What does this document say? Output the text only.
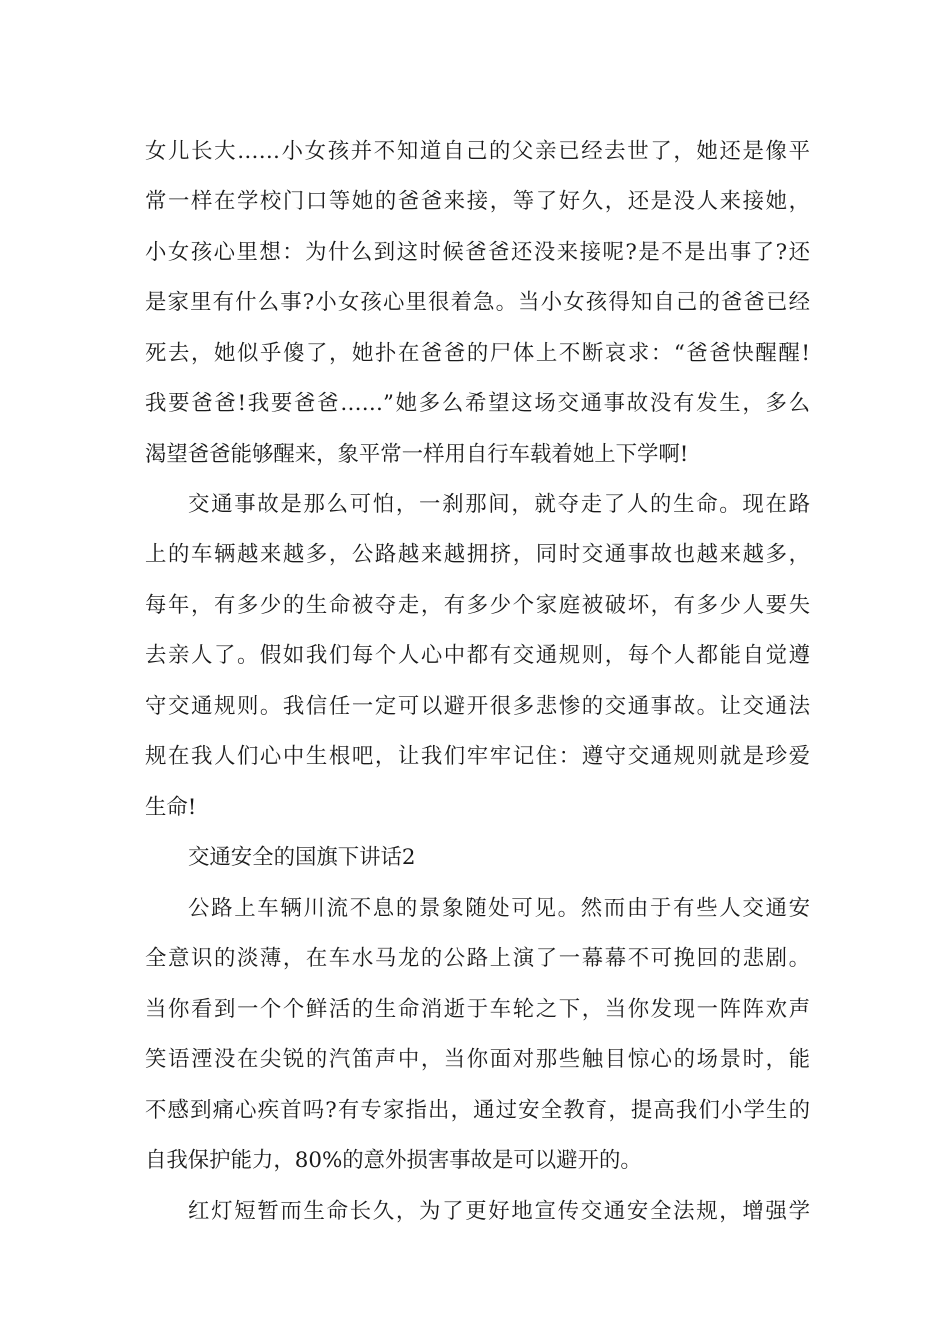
女儿长大……小女孩并不知道自己的父亲已经去世了，她还是像平
常一样在学校门口等她的爸爸来接，等了好久，还是没人来接她，
小女孩心里想：为什么到这时候爸爸还没来接呢?是不是出事了?还
是家里有什么事?小女孩心里很着急。当小女孩得知自己的爸爸已经
死去，她似乎傻了，她扑在爸爸的尸体上不断哀求：“爸爸快醒醒!
我要爸爸!我要爸爸……”她多么希望这场交通事故没有发生，多么
渴望爸爸能够醒来，象平常一样用自行车载着她上下学啊!
交通事故是那么可怕，一刹那间，就夺走了人的生命。现在路
上的车辆越来越多，公路越来越拥挤，同时交通事故也越来越多，
每年，有多少的生命被夺走，有多少个家庭被破坏，有多少人要失
去亲人了。假如我们每个人心中都有交通规则，每个人都能自觉遵
守交通规则。我信任一定可以避开很多悲惨的交通事故。让交通法
规在我人们心中生根吧，让我们牢牢记住：遵守交通规则就是珍爱
生命!
交通安全的国旗下讲话2
公路上车辆川流不息的景象随处可见。然而由于有些人交通安
全意识的淡薄，在车水马龙的公路上演了一幕幕不可挽回的悲剧。
当你看到一个个鲜活的生命消逝于车轮之下，当你发现一阵阵欢声
笑语湮没在尖锐的汽笛声中，当你面对那些触目惊心的场景时，能
不感到痛心疾首吗?有专家指出，通过安全教育，提高我们小学生的
自我保护能力，80%的意外损害事故是可以避开的。
红灯短暂而生命长久，为了更好地宣传交通安全法规，增强学
